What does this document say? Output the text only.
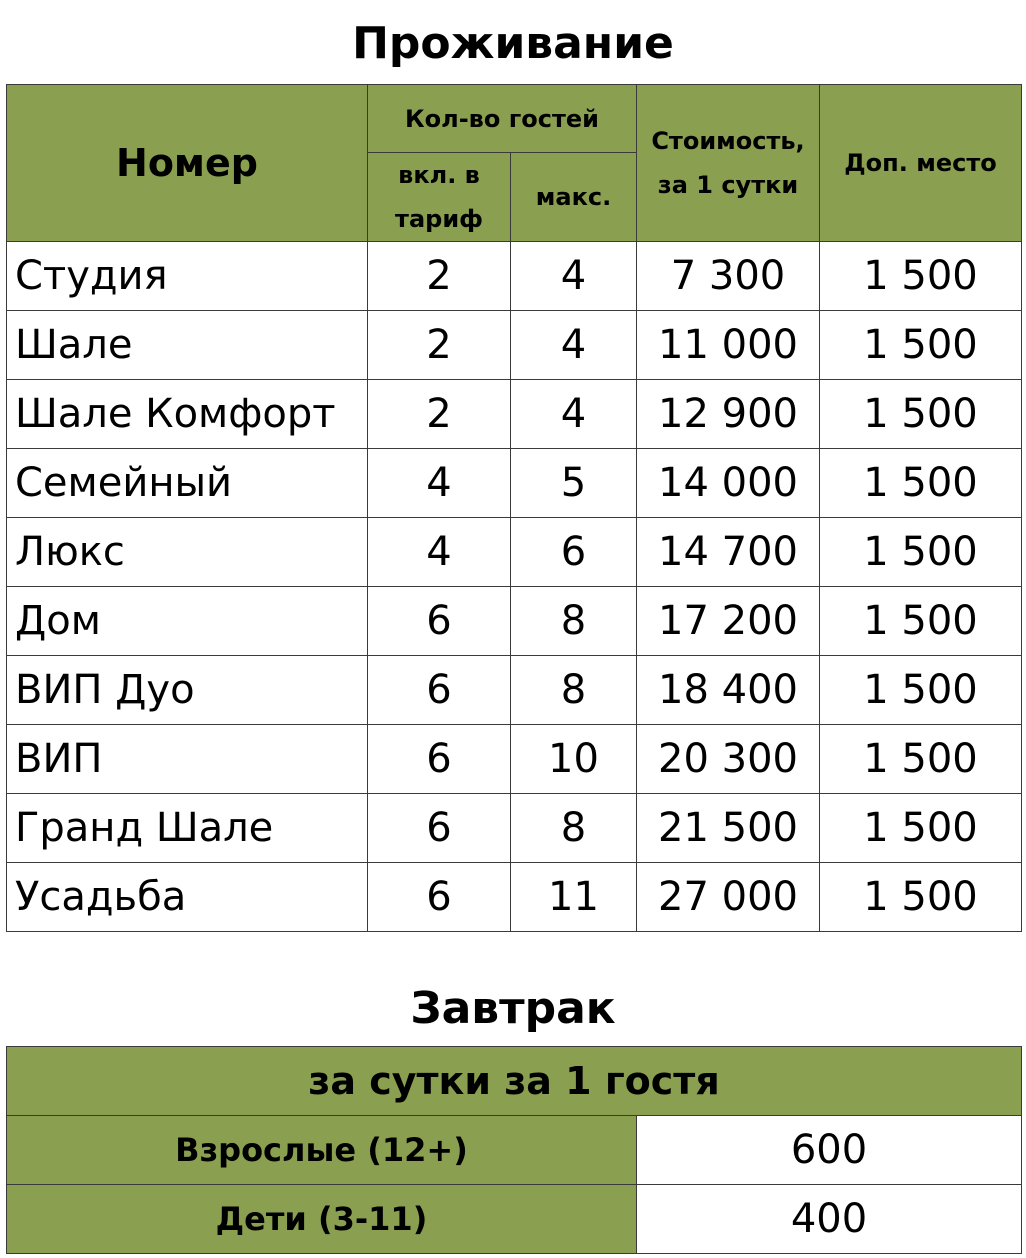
Проживание
Номер	Кол-во гостей		Стоимость, за 1 сутки	Доп. место
	вкл. в тариф	макс.		
Студия	2	4	7 300	1 500
Шале	2	4	11 000	1 500
Шале Комфорт	2	4	12 900	1 500
Семейный	4	5	14 000	1 500
Люкс	4	6	14 700	1 500
Дом	6	8	17 200	1 500
ВИП Дуо	6	8	18 400	1 500
ВИП	6	10	20 300	1 500
Гранд Шале	6	8	21 500	1 500
Усадьба	6	11	27 000	1 500
Завтрак
за сутки за 1 гостя	
Взрослые (12+)	600
Дети (3-11)	400
